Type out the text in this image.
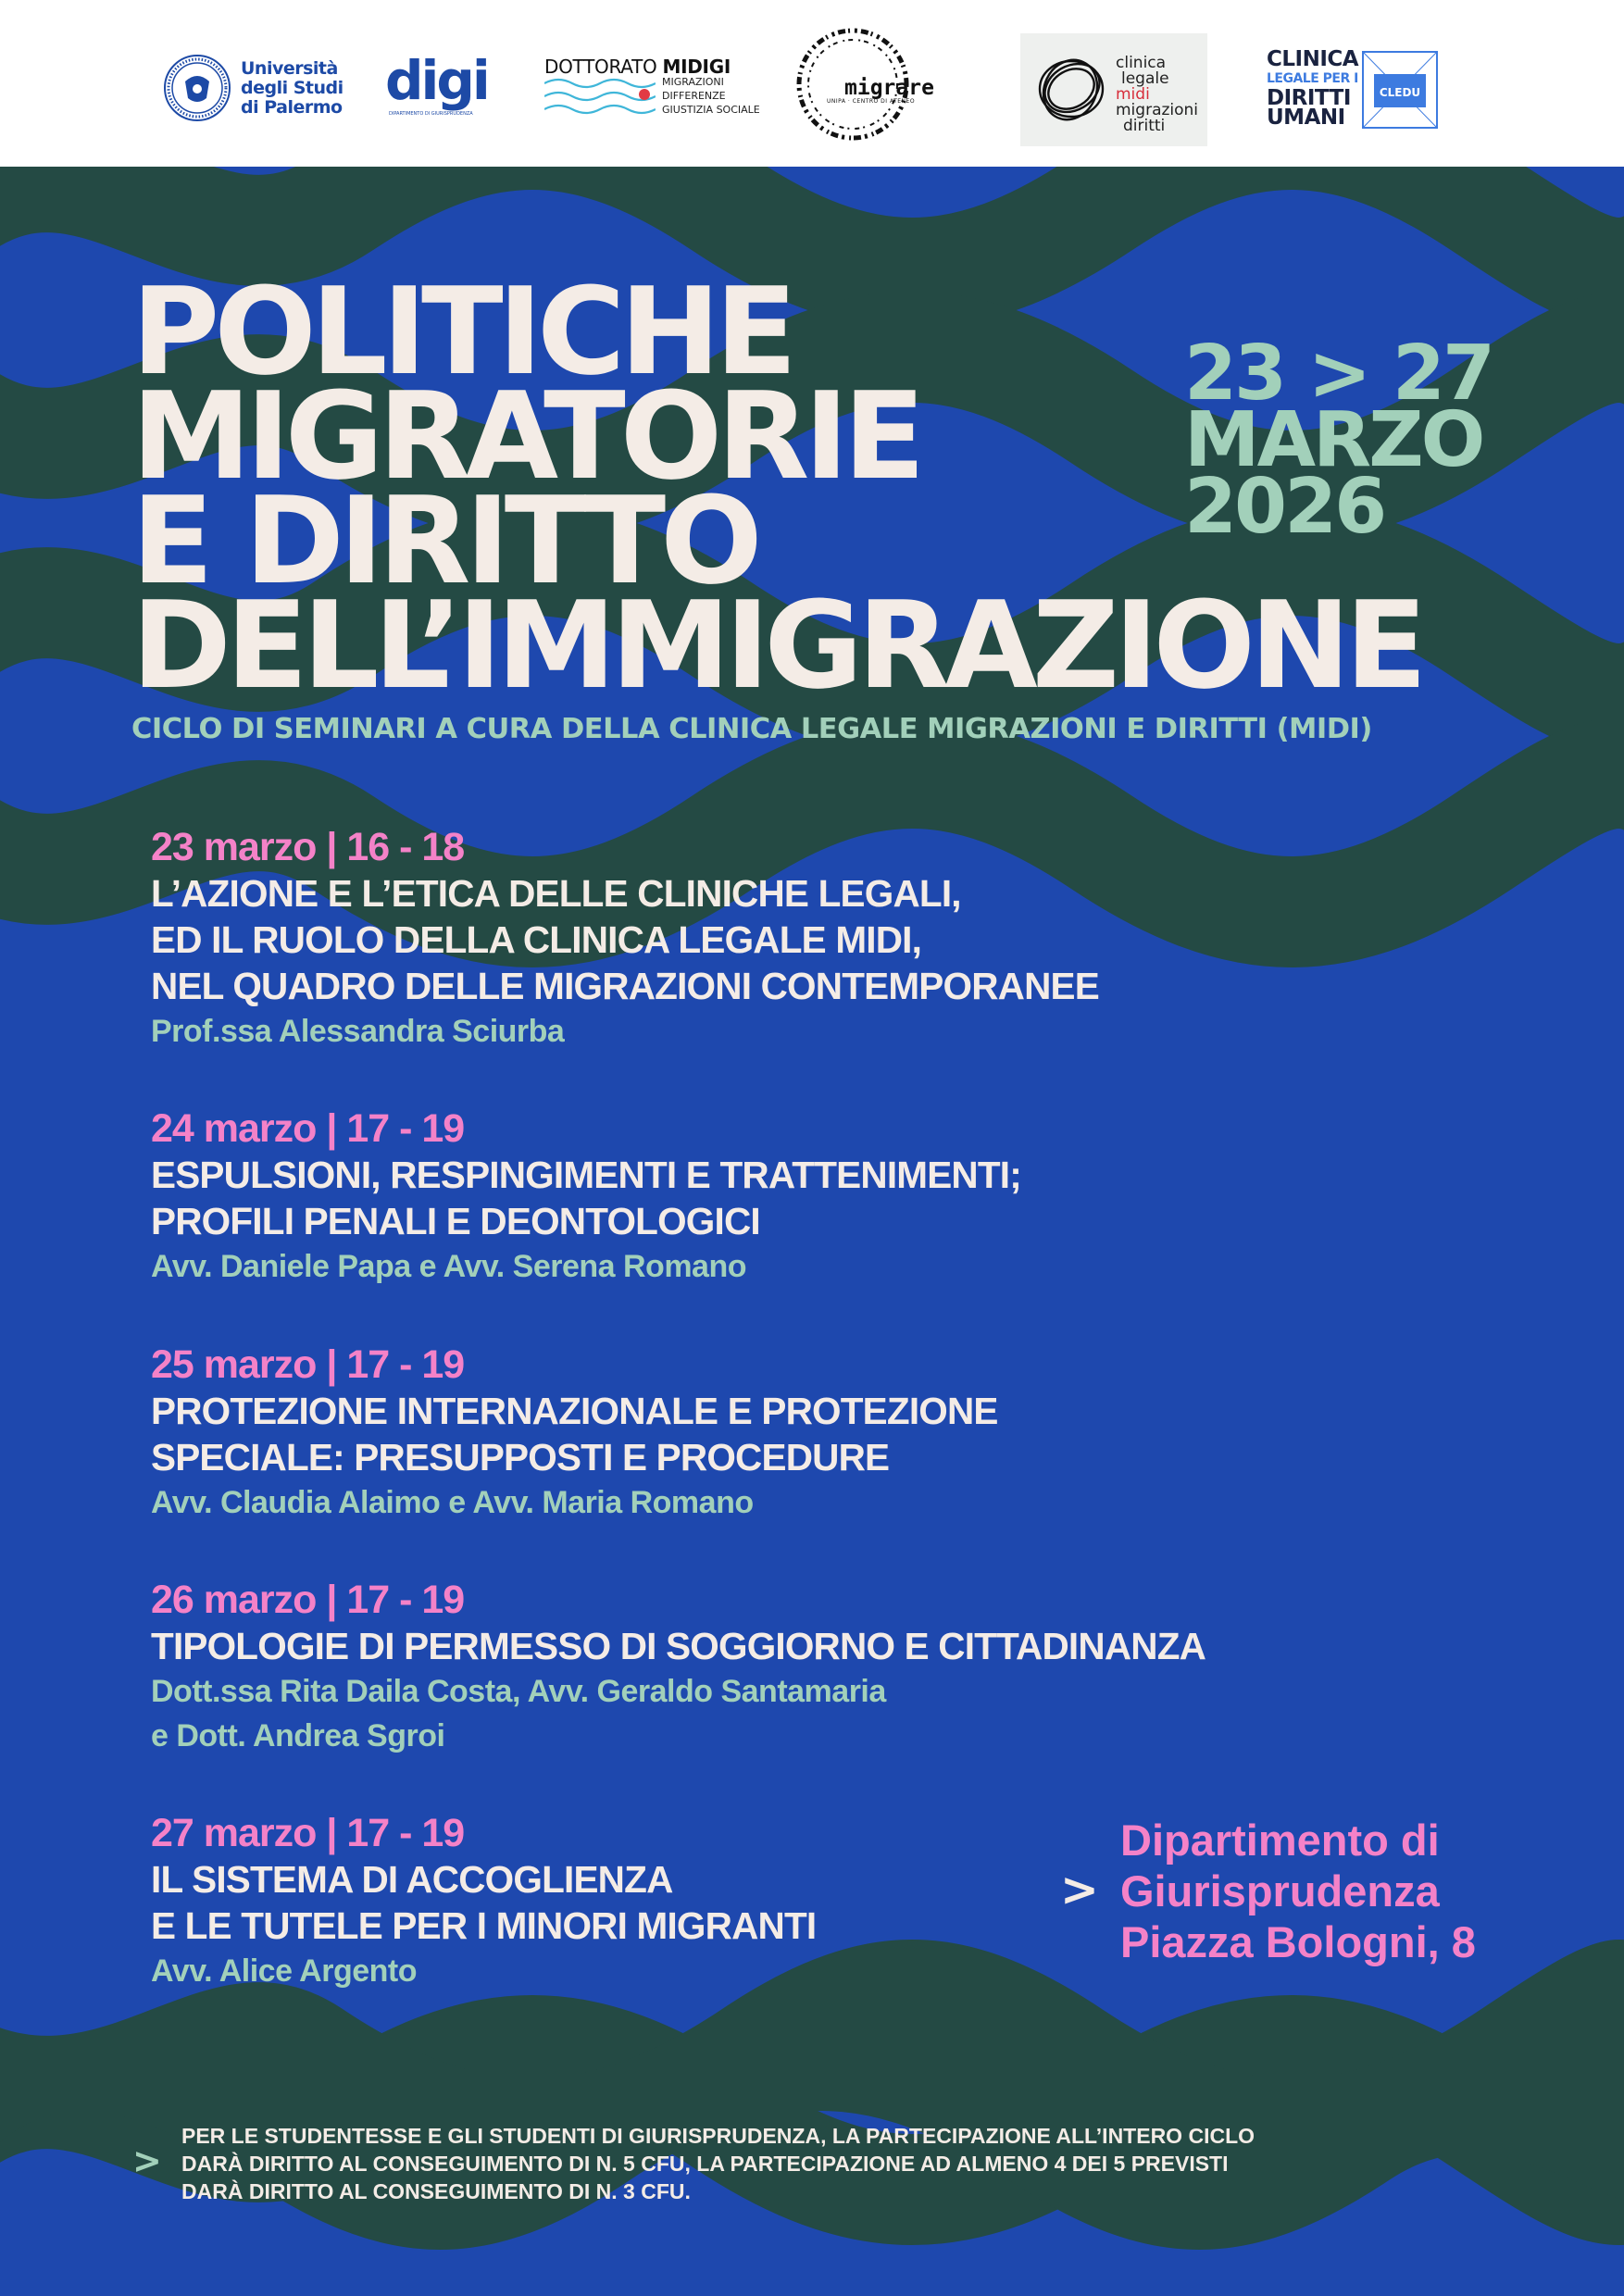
Università
degli Studi
di Palermo digi
DIPARTIMENTO DI GIURISPRUDENZA
DOTTORATO MIDIGI
MIGRAZIONI
DIFFERENZE
GIUSTIZIA SOCIALE
migrare
UNIPA · CENTRO DI ATENEO
clinica
legale
midi
migrazioni
diritti
CLINICA
LEGALE PER I
DIRITTI
UMANI
CLEDU
POLITICHE
MIGRATORIE
E DIRITTO
DELL’IMMIGRAZIONE
23 > 27
MARZO
2026
CICLO DI SEMINARI A CURA DELLA CLINICA LEGALE MIGRAZIONI E DIRITTI (MIDI)
23 marzo | 16 - 18
L’AZIONE E L’ETICA DELLE CLINICHE LEGALI,
ED IL RUOLO DELLA CLINICA LEGALE MIDI,
NEL QUADRO DELLE MIGRAZIONI CONTEMPORANEE
Prof.ssa Alessandra Sciurba
24 marzo | 17 - 19
ESPULSIONI, RESPINGIMENTI E TRATTENIMENTI;
PROFILI PENALI E DEONTOLOGICI
Avv. Daniele Papa e Avv. Serena Romano
25 marzo | 17 - 19
PROTEZIONE INTERNAZIONALE E PROTEZIONE
SPECIALE: PRESUPPOSTI E PROCEDURE
Avv. Claudia Alaimo e Avv. Maria Romano
26 marzo | 17 - 19
TIPOLOGIE DI PERMESSO DI SOGGIORNO E CITTADINANZA
Dott.ssa Rita Daila Costa, Avv. Geraldo Santamaria
e Dott. Andrea Sgroi
27 marzo | 17 - 19
IL SISTEMA DI ACCOGLIENZA
E LE TUTELE PER I MINORI MIGRANTI
Avv. Alice Argento
>
Dipartimento di
Giurisprudenza
Piazza Bologni, 8
>
PER LE STUDENTESSE E GLI STUDENTI DI GIURISPRUDENZA, LA PARTECIPAZIONE ALL’INTERO CICLO
DARÀ DIRITTO AL CONSEGUIMENTO DI N. 5 CFU, LA PARTECIPAZIONE AD ALMENO 4 DEI 5 PREVISTI
DARÀ DIRITTO AL CONSEGUIMENTO DI N. 3 CFU.
